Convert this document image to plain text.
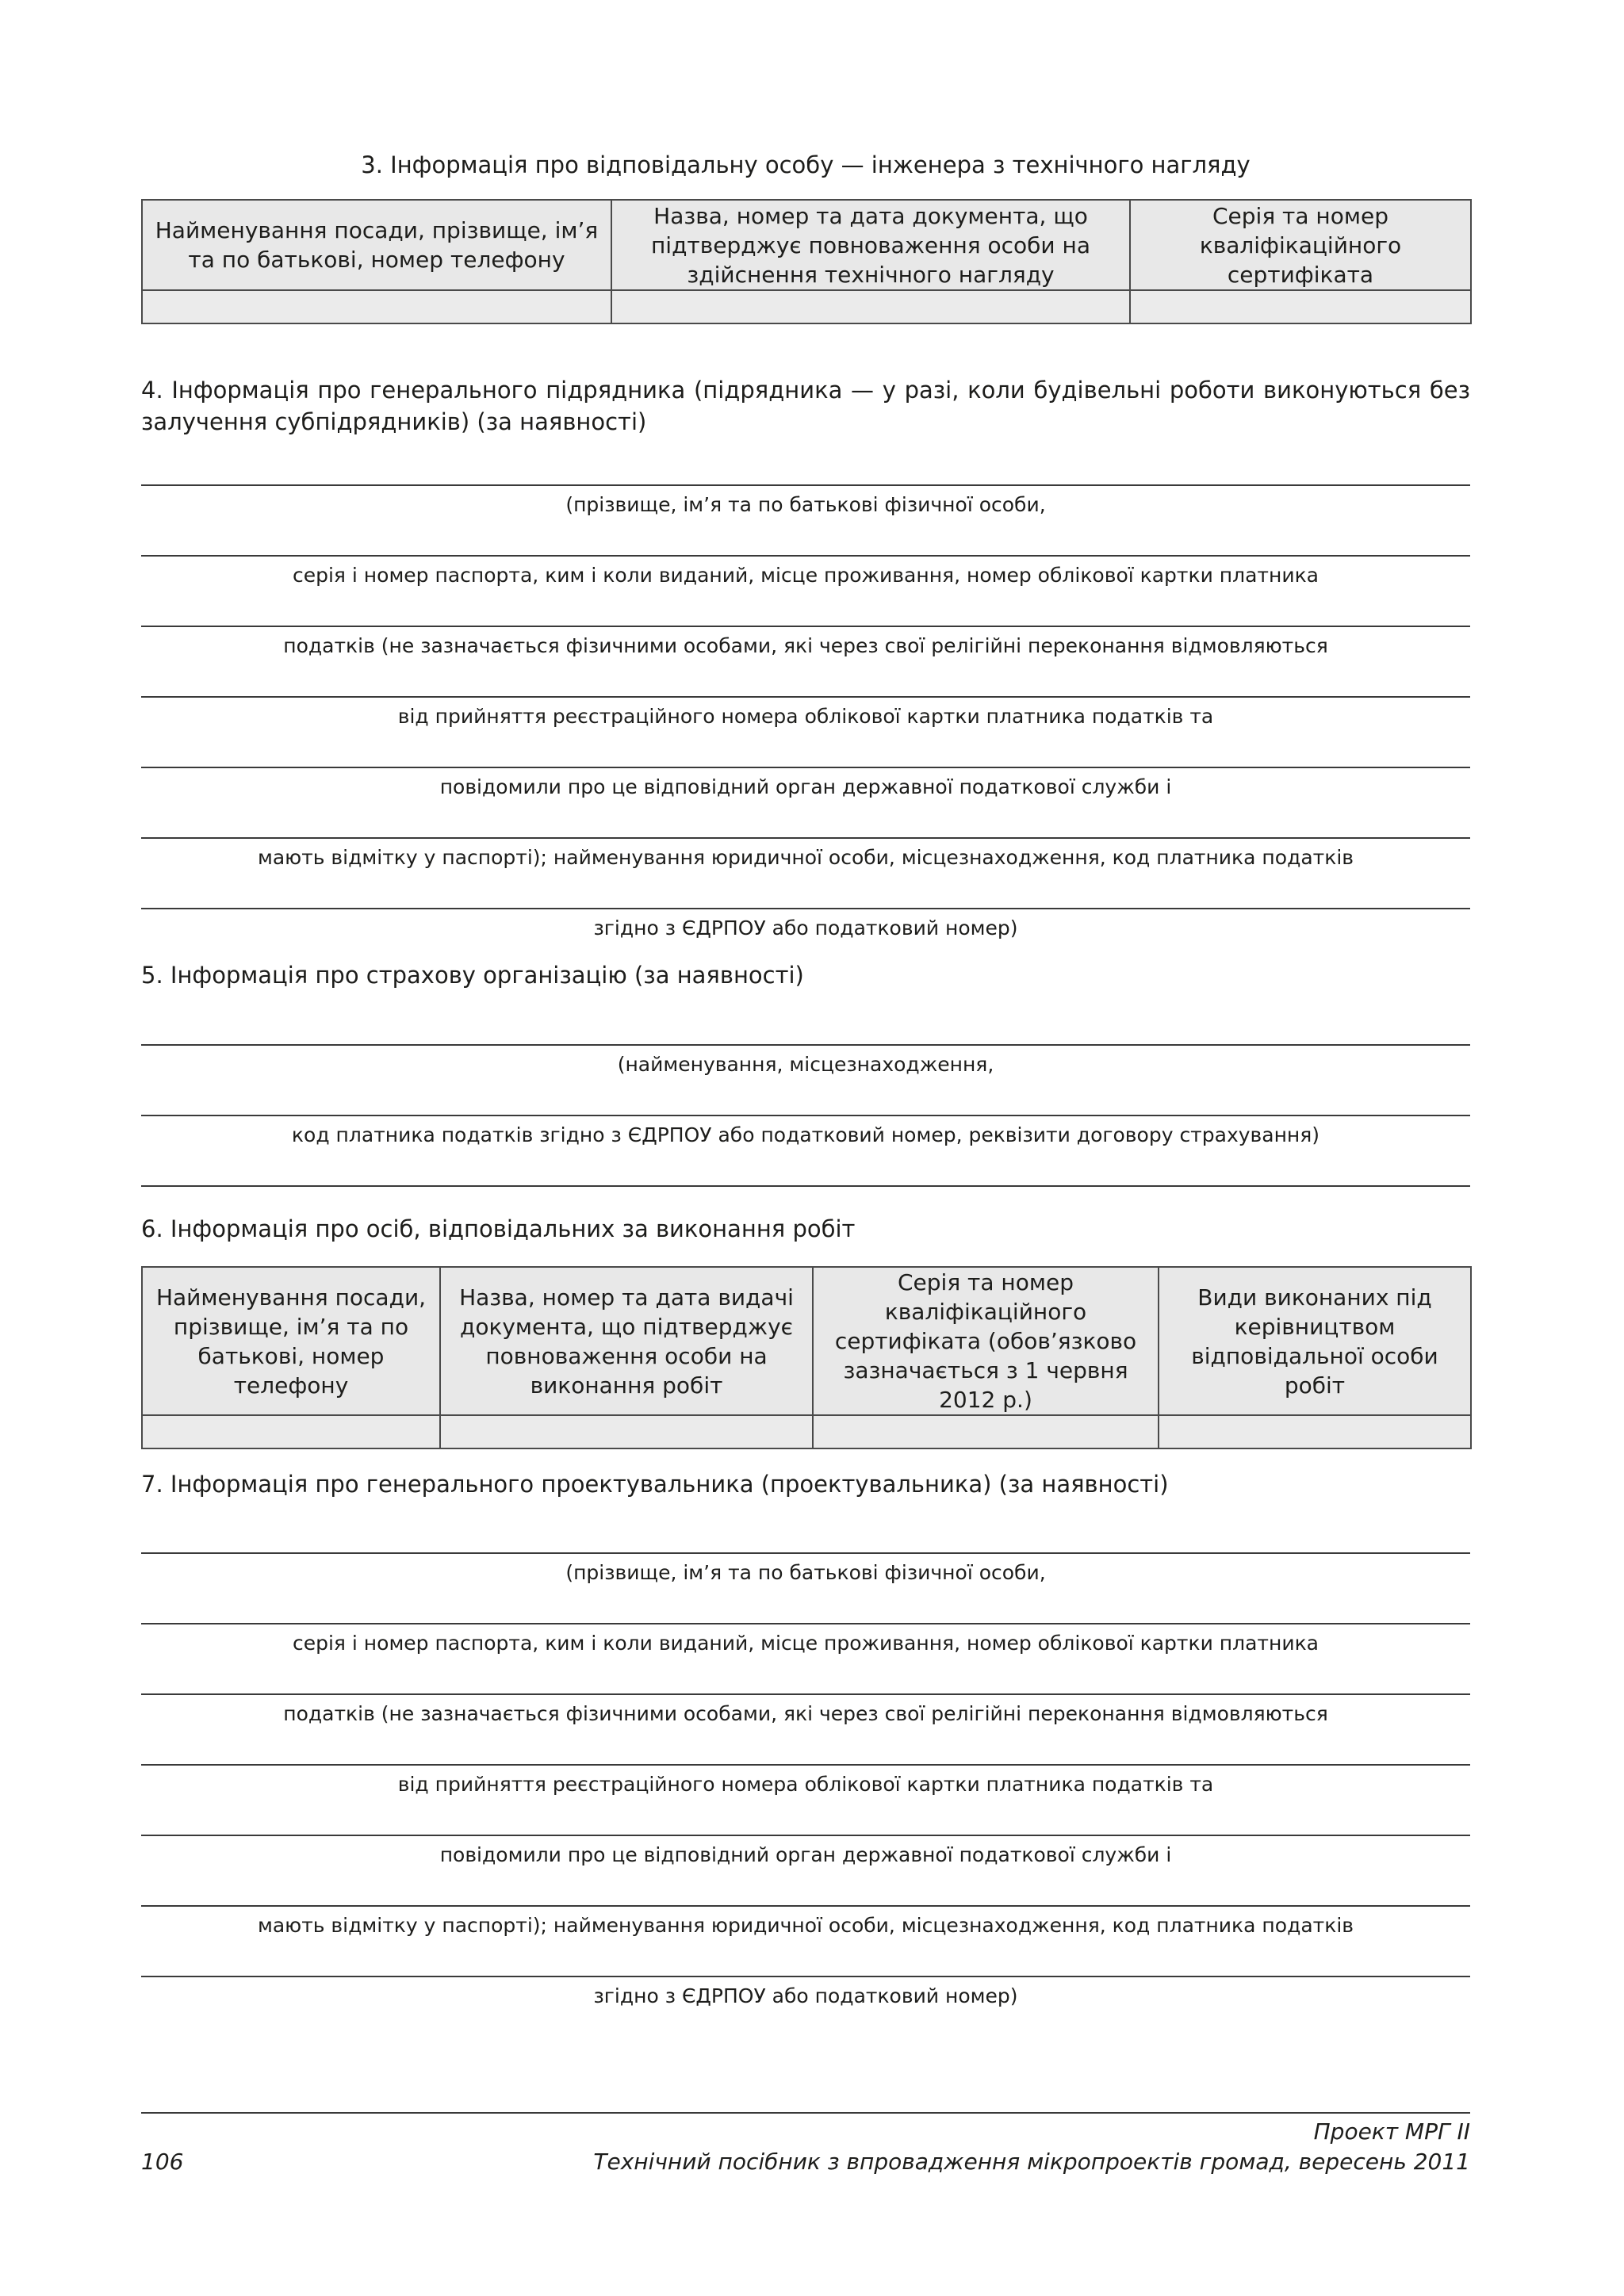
3. Інформація про відповідальну особу — інженера з технічного нагляду
Найменування посади, прізвище, ім’я та по батькові, номер телефону	Назва, номер та дата документа, що підтверджує повноваження особи на здійснення технічного нагляду	Серія та номер кваліфікаційного сертифіката

4. Інформація про генерального підрядника (підрядника — у разі, коли будівельні роботи виконуються без залучення субпідрядників) (за наявності)
(прізвище, ім’я та по батькові фізичної особи,
серія і номер паспорта, ким і коли виданий, місце проживання, номер облікової картки платника
податків (не зазначається фізичними особами, які через свої релігійні переконання відмовляються
від прийняття реєстраційного номера облікової картки платника податків та
повідомили про це відповідний орган державної податкової служби і
мають відмітку у паспорті); найменування юридичної особи, місцезнаходження, код платника податків
згідно з ЄДРПОУ або податковий номер)
5. Інформація про страхову організацію (за наявності)
(найменування, місцезнаходження,
код платника податків згідно з ЄДРПОУ або податковий номер, реквізити договору страхування)
6. Інформація про осіб, відповідальних за виконання робіт
Найменування посади, прізвище, ім’я та по батькові, номер телефону	Назва, номер та дата видачі документа, що підтверджує повноваження особи на виконання робіт	Серія та номер кваліфікаційного сертифіката (обов’язково зазначається з 1 червня 2012 р.)	Види виконаних під керівництвом відповідальної особи робіт

7. Інформація про генерального проектувальника (проектувальника) (за наявності)
(прізвище, ім’я та по батькові фізичної особи,
серія і номер паспорта, ким і коли виданий, місце проживання, номер облікової картки платника
податків (не зазначається фізичними особами, які через свої релігійні переконання відмовляються
від прийняття реєстраційного номера облікової картки платника податків та
повідомили про це відповідний орган державної податкової служби і
мають відмітку у паспорті); найменування юридичної особи, місцезнаходження, код платника податків
згідно з ЄДРПОУ або податковий номер)
Проект МРГ II
Технічний посібник з впровадження мікропроектів громад, вересень 2011
106
